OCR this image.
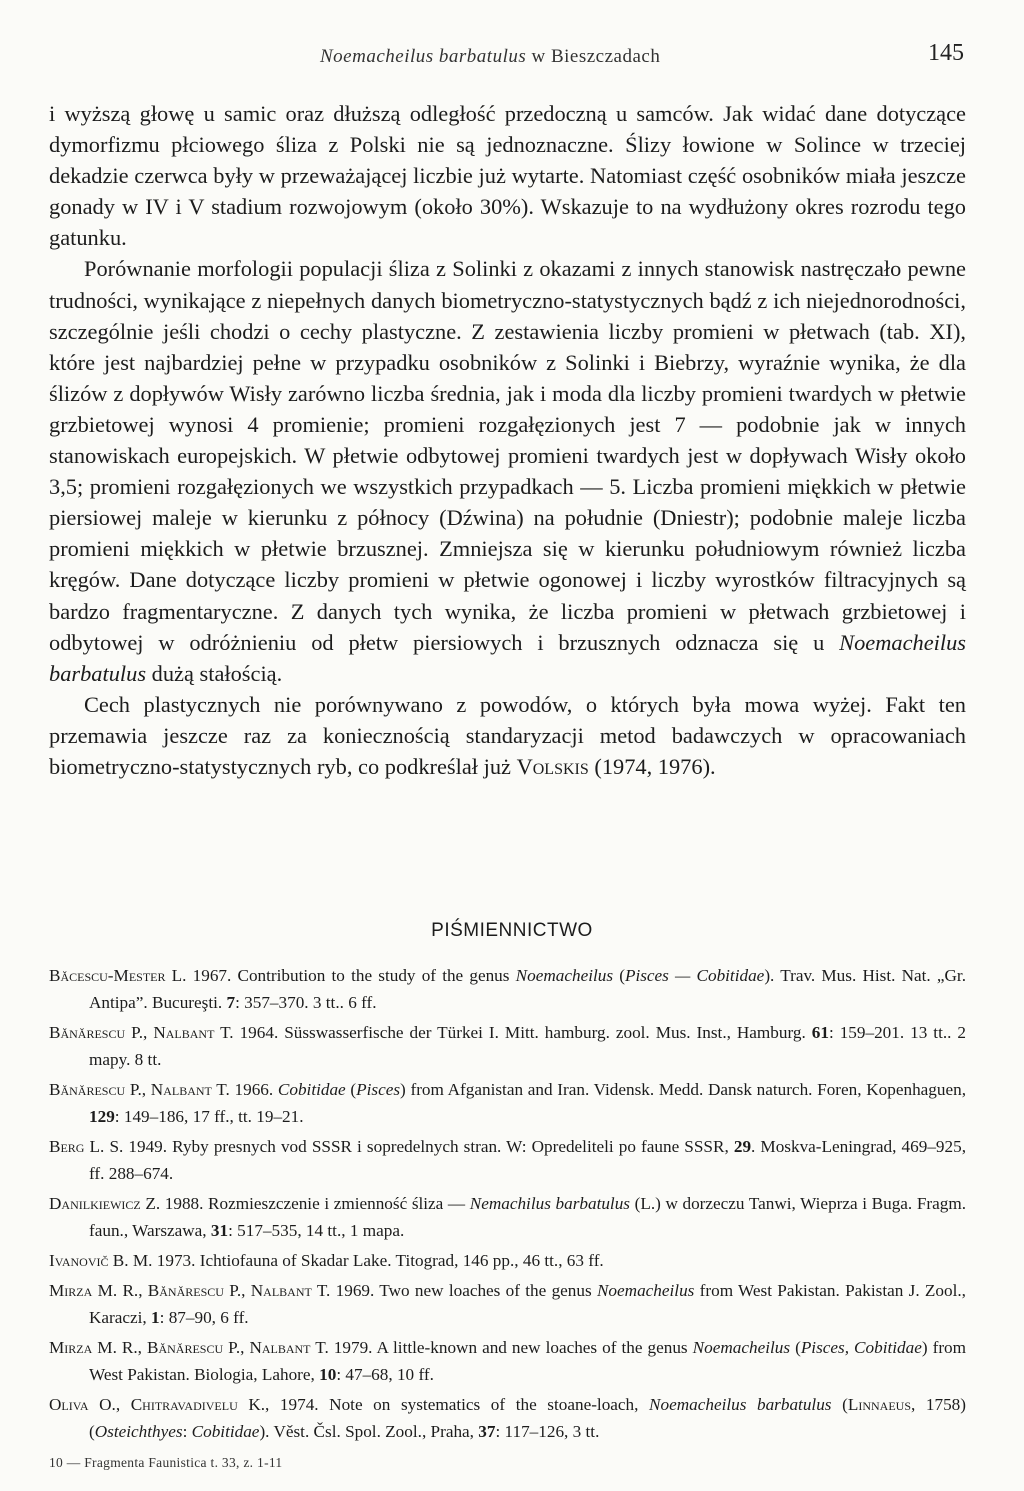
Noemacheilus barbatulus w Bieszczadach	145

i wyższą głowę u samic oraz dłuższą odległość przedoczną u samców. Jak widać dane dotyczące dymorfizmu płciowego śliza z Polski nie są jednoznaczne. Ślizy łowione w Solince w trzeciej dekadzie czerwca były w przeważającej liczbie już wytarte. Natomiast część osobników miała jeszcze gonady w IV i V stadium rozwojowym (około 30%). Wskazuje to na wydłużony okres rozrodu tego gatunku.

Porównanie morfologii populacji śliza z Solinki z okazami z innych stanowisk nastręczało pewne trudności, wynikające z niepełnych danych biometryczno-statystycznych bądź z ich niejednorodności, szczególnie jeśli chodzi o cechy plastyczne. Z zestawienia liczby promieni w płetwach (tab. XI), które jest najbardziej pełne w przypadku osobników z Solinki i Biebrzy, wyraźnie wynika, że dla ślizów z dopływów Wisły zarówno liczba średnia, jak i moda dla liczby promieni twardych w płetwie grzbietowej wynosi 4 promienie; promieni rozgałęzionych jest 7 — podobnie jak w innych stanowiskach europejskich. W płetwie odbytowej promieni twardych jest w dopływach Wisły około 3,5; promieni rozgałęzionych we wszystkich przypadkach — 5. Liczba promieni miękkich w płetwie piersiowej maleje w kierunku z północy (Dźwina) na południe (Dniestr); podobnie maleje liczba promieni miękkich w płetwie brzusznej. Zmniejsza się w kierunku południowym również liczba kręgów. Dane dotyczące liczby promieni w płetwie ogonowej i liczby wyrostków filtracyjnych są bardzo fragmentaryczne. Z danych tych wynika, że liczba promieni w płetwach grzbietowej i odbytowej w odróżnieniu od płetw piersiowych i brzusznych odznacza się u Noemacheilus barbatulus dużą stałością.

Cech plastycznych nie porównywano z powodów, o których była mowa wyżej. Fakt ten przemawia jeszcze raz za koniecznością standaryzacji metod badawczych w opracowaniach biometryczno-statystycznych ryb, co podkreślał już Volskis (1974, 1976).

PIŚMIENNICTWO
Băcescu-Mester L. 1967. Contribution to the study of the genus Noemacheilus (Pisces — Cobitidae). Trav. Mus. Hist. Nat. „Gr. Antipa”. Bucureşti. 7: 357–370. 3 tt.. 6 ff.
Bănărescu P., Nalbant T. 1964. Süsswasserfische der Türkei I. Mitt. hamburg. zool. Mus. Inst., Hamburg. 61: 159–201. 13 tt.. 2 mapy. 8 tt.
Bănărescu P., Nalbant T. 1966. Cobitidae (Pisces) from Afganistan and Iran. Vidensk. Medd. Dansk naturch. Foren, Kopenhaguen, 129: 149–186, 17 ff., tt. 19–21.
Berg L. S. 1949. Ryby presnych vod SSSR i sopredelnych stran. W: Opredeliteli po faune SSSR, 29. Moskva-Leningrad, 469–925, ff. 288–674.
Danilkiewicz Z. 1988. Rozmieszczenie i zmienność śliza — Nemachilus barbatulus (L.) w dorzeczu Tanwi, Wieprza i Buga. Fragm. faun., Warszawa, 31: 517–535, 14 tt., 1 mapa.
Ivanovič B. M. 1973. Ichtiofauna of Skadar Lake. Titograd, 146 pp., 46 tt., 63 ff.
Mirza M. R., Bănărescu P., Nalbant T. 1969. Two new loaches of the genus Noemacheilus from West Pakistan. Pakistan J. Zool., Karaczi, 1: 87–90, 6 ff.
Mirza M. R., Bănărescu P., Nalbant T. 1979. A little-known and new loaches of the genus Noemacheilus (Pisces, Cobitidae) from West Pakistan. Biologia, Lahore, 10: 47–68, 10 ff.
Oliva O., Chitravadivelu K., 1974. Note on systematics of the stoane-loach, Noemacheilus barbatulus (Linnaeus, 1758) (Osteichthyes: Cobitidae). Věst. Čsl. Spol. Zool., Praha, 37: 117–126, 3 tt.
10 — Fragmenta Faunistica t. 33, z. 1-11
